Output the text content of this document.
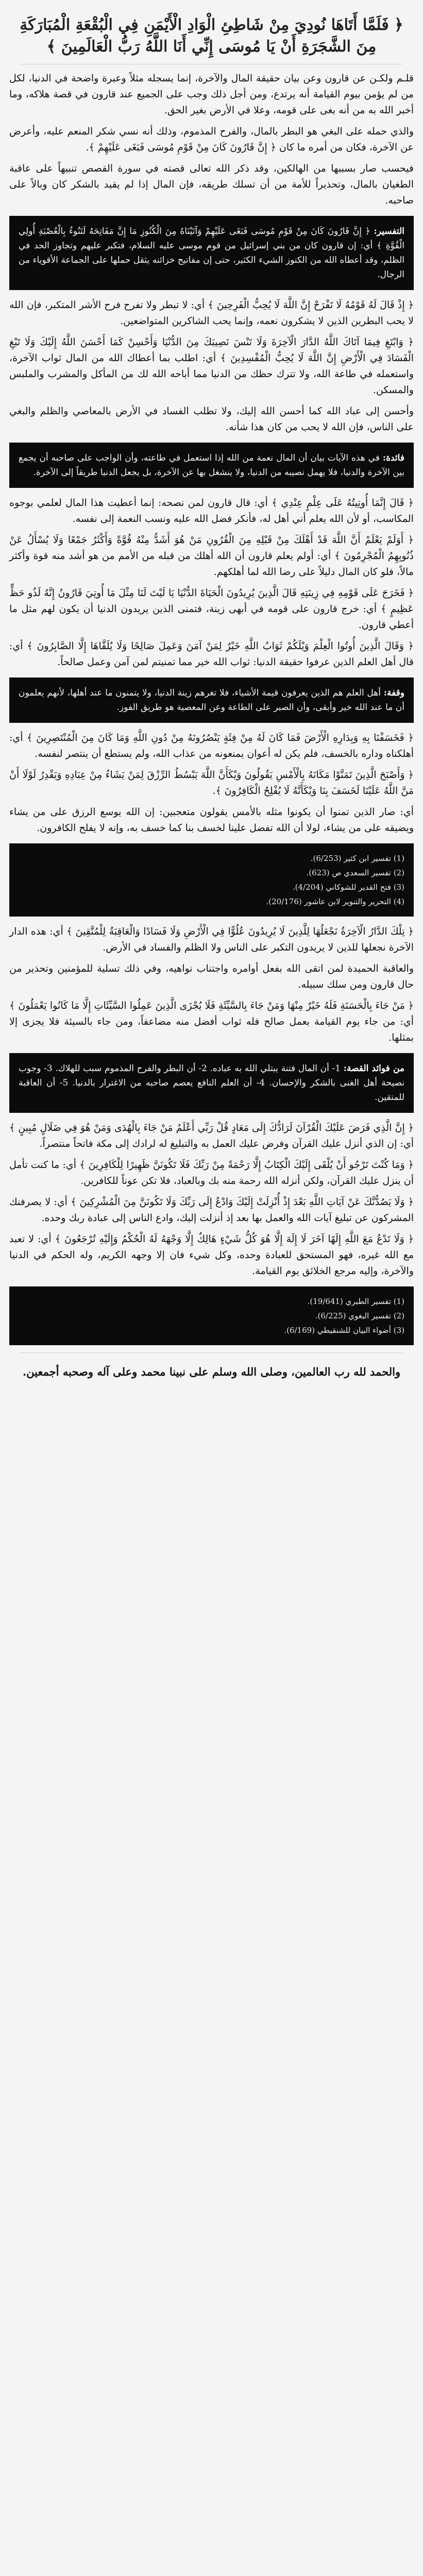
﴿ فَلَمَّا أَتَاهَا نُودِيَ مِنْ شَاطِئِ الْوَادِ الْأَيْمَنِ فِي الْبُقْعَةِ الْمُبَارَكَةِ مِنَ الشَّجَرَةِ أَنْ يَا مُوسَى إِنِّي أَنَا اللَّهُ رَبُّ الْعَالَمِينَ ﴾
قلـم ولكـن عن قارون وعن بيان حقيقة المال والآخرة، إنما يسجله مثلاً وعبرة واضحة في الدنيا، لكل من لم يؤمن بيوم القيامة أنه يرتدع، ومن أجل ذلك وجب على الجميع عند قارون في قصة هلاكه، وما أخبر الله به من أنه بغى على قومه، وعلا في الأرض بغير الحق.
والذي حمله على البغي هو البطر بالمال، والفرح المذموم، وذلك أنه نسي شكر المنعم عليه، وأعرض عن الآخرة، فكان من أمره ما كان ﴿ إِنَّ قَارُونَ كَانَ مِنْ قَوْمِ مُوسَى فَبَغَى عَلَيْهِمْ ﴾.
فيحسب صار بسببها من الهالكين، وقد ذكر الله تعالى قصته في سورة القصص تنبيهاً على عاقبة الطغيان بالمال، وتحذيراً للأمة من أن تسلك طريقه، فإن المال إذا لم يقيد بالشكر كان وبالاً على صاحبه.
التفسير: ﴿ إِنَّ قَارُونَ كَانَ مِنْ قَوْمِ مُوسَى فَبَغَى عَلَيْهِمْ وَآتَيْنَاهُ مِنَ الْكُنُوزِ مَا إِنَّ مَفَاتِحَهُ لَتَنُوءُ بِالْعُصْبَةِ أُولِي الْقُوَّةِ ﴾ أي: إن قارون كان من بني إسرائيل من قوم موسى عليه السلام، فتكبر عليهم وتجاوز الحد في الظلم، وقد أعطاه الله من الكنوز الشيء الكثير، حتى إن مفاتيح خزائنه يثقل حملها على الجماعة الأقوياء من الرجال.
﴿ إِذْ قَالَ لَهُ قَوْمُهُ لَا تَفْرَحْ إِنَّ اللَّهَ لَا يُحِبُّ الْفَرِحِينَ ﴾ أي: لا تبطر ولا تفرح فرح الأشر المتكبر، فإن الله لا يحب البطرين الذين لا يشكرون نعمه، وإنما يحب الشاكرين المتواضعين.
﴿ وَابْتَغِ فِيمَا آتَاكَ اللَّهُ الدَّارَ الْآخِرَةَ وَلَا تَنْسَ نَصِيبَكَ مِنَ الدُّنْيَا وَأَحْسِنْ كَمَا أَحْسَنَ اللَّهُ إِلَيْكَ وَلَا تَبْغِ الْفَسَادَ فِي الْأَرْضِ إِنَّ اللَّهَ لَا يُحِبُّ الْمُفْسِدِينَ ﴾ أي: اطلب بما أعطاك الله من المال ثواب الآخرة، واستعمله في طاعة الله، ولا تترك حظك من الدنيا مما أباحه الله لك من المأكل والمشرب والملبس والمسكن.
وأحسن إلى عباد الله كما أحسن الله إليك، ولا تطلب الفساد في الأرض بالمعاصي والظلم والبغي على الناس، فإن الله لا يحب من كان هذا شأنه.
فائدة: في هذه الآيات بيان أن المال نعمة من الله إذا استعمل في طاعته، وأن الواجب على صاحبه أن يجمع بين الآخرة والدنيا، فلا يهمل نصيبه من الدنيا، ولا ينشغل بها عن الآخرة، بل يجعل الدنيا طريقاً إلى الآخرة.
﴿ قَالَ إِنَّمَا أُوتِيتُهُ عَلَى عِلْمٍ عِنْدِي ﴾ أي: قال قارون لمن نصحه: إنما أعطيت هذا المال لعلمي بوجوه المكاسب، أو لأن الله يعلم أني أهل له، فأنكر فضل الله عليه ونسب النعمة إلى نفسه.
﴿ أَوَلَمْ يَعْلَمْ أَنَّ اللَّهَ قَدْ أَهْلَكَ مِنْ قَبْلِهِ مِنَ الْقُرُونِ مَنْ هُوَ أَشَدُّ مِنْهُ قُوَّةً وَأَكْثَرُ جَمْعًا وَلَا يُسْأَلُ عَنْ ذُنُوبِهِمُ الْمُجْرِمُونَ ﴾ أي: أولم يعلم قارون أن الله أهلك من قبله من الأمم من هو أشد منه قوة وأكثر مالاً، فلو كان المال دليلاً على رضا الله لما أهلكهم.
﴿ فَخَرَجَ عَلَى قَوْمِهِ فِي زِينَتِهِ قَالَ الَّذِينَ يُرِيدُونَ الْحَيَاةَ الدُّنْيَا يَا لَيْتَ لَنَا مِثْلَ مَا أُوتِيَ قَارُونُ إِنَّهُ لَذُو حَظٍّ عَظِيمٍ ﴾ أي: خرج قارون على قومه في أبهى زينة، فتمنى الذين يريدون الدنيا أن يكون لهم مثل ما أعطي قارون.
﴿ وَقَالَ الَّذِينَ أُوتُوا الْعِلْمَ وَيْلَكُمْ ثَوَابُ اللَّهِ خَيْرٌ لِمَنْ آمَنَ وَعَمِلَ صَالِحًا وَلَا يُلَقَّاهَا إِلَّا الصَّابِرُونَ ﴾ أي: قال أهل العلم الذين عرفوا حقيقة الدنيا: ثواب الله خير مما تمنيتم لمن آمن وعمل صالحاً.
وقفة: أهل العلم هم الذين يعرفون قيمة الأشياء، فلا تغرهم زينة الدنيا، ولا يتمنون ما عند أهلها، لأنهم يعلمون أن ما عند الله خير وأبقى، وأن الصبر على الطاعة وعن المعصية هو طريق الفوز.
﴿ فَخَسَفْنَا بِهِ وَبِدَارِهِ الْأَرْضَ فَمَا كَانَ لَهُ مِنْ فِئَةٍ يَنْصُرُونَهُ مِنْ دُونِ اللَّهِ وَمَا كَانَ مِنَ الْمُنْتَصِرِينَ ﴾ أي: أهلكناه وداره بالخسف، فلم يكن له أعوان يمنعونه من عذاب الله، ولم يستطع أن ينتصر لنفسه.
﴿ وَأَصْبَحَ الَّذِينَ تَمَنَّوْا مَكَانَهُ بِالْأَمْسِ يَقُولُونَ وَيْكَأَنَّ اللَّهَ يَبْسُطُ الرِّزْقَ لِمَنْ يَشَاءُ مِنْ عِبَادِهِ وَيَقْدِرُ لَوْلَا أَنْ مَنَّ اللَّهُ عَلَيْنَا لَخَسَفَ بِنَا وَيْكَأَنَّهُ لَا يُفْلِحُ الْكَافِرُونَ ﴾.
أي: صار الذين تمنوا أن يكونوا مثله بالأمس يقولون متعجبين: إن الله يوسع الرزق على من يشاء ويضيقه على من يشاء، لولا أن الله تفضل علينا لخسف بنا كما خسف به، وإنه لا يفلح الكافرون.
(1) تفسير ابن كثير (6/253).
(2) تفسير السعدي ص (623).
(3) فتح القدير للشوكاني (4/204).
(4) التحرير والتنوير لابن عاشور (20/176).
﴿ تِلْكَ الدَّارُ الْآخِرَةُ نَجْعَلُهَا لِلَّذِينَ لَا يُرِيدُونَ عُلُوًّا فِي الْأَرْضِ وَلَا فَسَادًا وَالْعَاقِبَةُ لِلْمُتَّقِينَ ﴾ أي: هذه الدار الآخرة نجعلها للذين لا يريدون التكبر على الناس ولا الظلم والفساد في الأرض.
والعاقبة الحميدة لمن اتقى الله بفعل أوامره واجتناب نواهيه، وفي ذلك تسلية للمؤمنين وتحذير من حال قارون ومن سلك سبيله.
﴿ مَنْ جَاءَ بِالْحَسَنَةِ فَلَهُ خَيْرٌ مِنْهَا وَمَنْ جَاءَ بِالسَّيِّئَةِ فَلَا يُجْزَى الَّذِينَ عَمِلُوا السَّيِّئَاتِ إِلَّا مَا كَانُوا يَعْمَلُونَ ﴾ أي: من جاء يوم القيامة بعمل صالح فله ثواب أفضل منه مضاعفاً، ومن جاء بالسيئة فلا يجزى إلا بمثلها.
من فوائد القصة: 1- أن المال فتنة يبتلي الله به عباده. 2- أن البطر والفرح المذموم سبب للهلاك. 3- وجوب نصيحة أهل الغنى بالشكر والإحسان. 4- أن العلم النافع يعصم صاحبه من الاغترار بالدنيا. 5- أن العاقبة للمتقين.
﴿ إِنَّ الَّذِي فَرَضَ عَلَيْكَ الْقُرْآنَ لَرَادُّكَ إِلَى مَعَادٍ قُلْ رَبِّي أَعْلَمُ مَنْ جَاءَ بِالْهُدَى وَمَنْ هُوَ فِي ضَلَالٍ مُبِينٍ ﴾ أي: إن الذي أنزل عليك القرآن وفرض عليك العمل به والتبليغ له لرادك إلى مكة فاتحاً منتصراً.
﴿ وَمَا كُنْتَ تَرْجُو أَنْ يُلْقَى إِلَيْكَ الْكِتَابُ إِلَّا رَحْمَةً مِنْ رَبِّكَ فَلَا تَكُونَنَّ ظَهِيرًا لِلْكَافِرِينَ ﴾ أي: ما كنت تأمل أن ينزل عليك القرآن، ولكن أنزله الله رحمة منه بك وبالعباد، فلا تكن عوناً للكافرين.
﴿ وَلَا يَصُدُّنَّكَ عَنْ آيَاتِ اللَّهِ بَعْدَ إِذْ أُنْزِلَتْ إِلَيْكَ وَادْعُ إِلَى رَبِّكَ وَلَا تَكُونَنَّ مِنَ الْمُشْرِكِينَ ﴾ أي: لا يصرفنك المشركون عن تبليغ آيات الله والعمل بها بعد إذ أنزلت إليك، وادع الناس إلى عبادة ربك وحده.
﴿ وَلَا تَدْعُ مَعَ اللَّهِ إِلَهًا آخَرَ لَا إِلَهَ إِلَّا هُوَ كُلُّ شَيْءٍ هَالِكٌ إِلَّا وَجْهَهُ لَهُ الْحُكْمُ وَإِلَيْهِ تُرْجَعُونَ ﴾ أي: لا تعبد مع الله غيره، فهو المستحق للعبادة وحده، وكل شيء فان إلا وجهه الكريم، وله الحكم في الدنيا والآخرة، وإليه مرجع الخلائق يوم القيامة.
(1) تفسير الطبري (19/641).
(2) تفسير البغوي (6/225).
(3) أضواء البيان للشنقيطي (6/169).
والحمد لله رب العالمين، وصلى الله وسلم على نبينا محمد وعلى آله وصحبه أجمعين.
